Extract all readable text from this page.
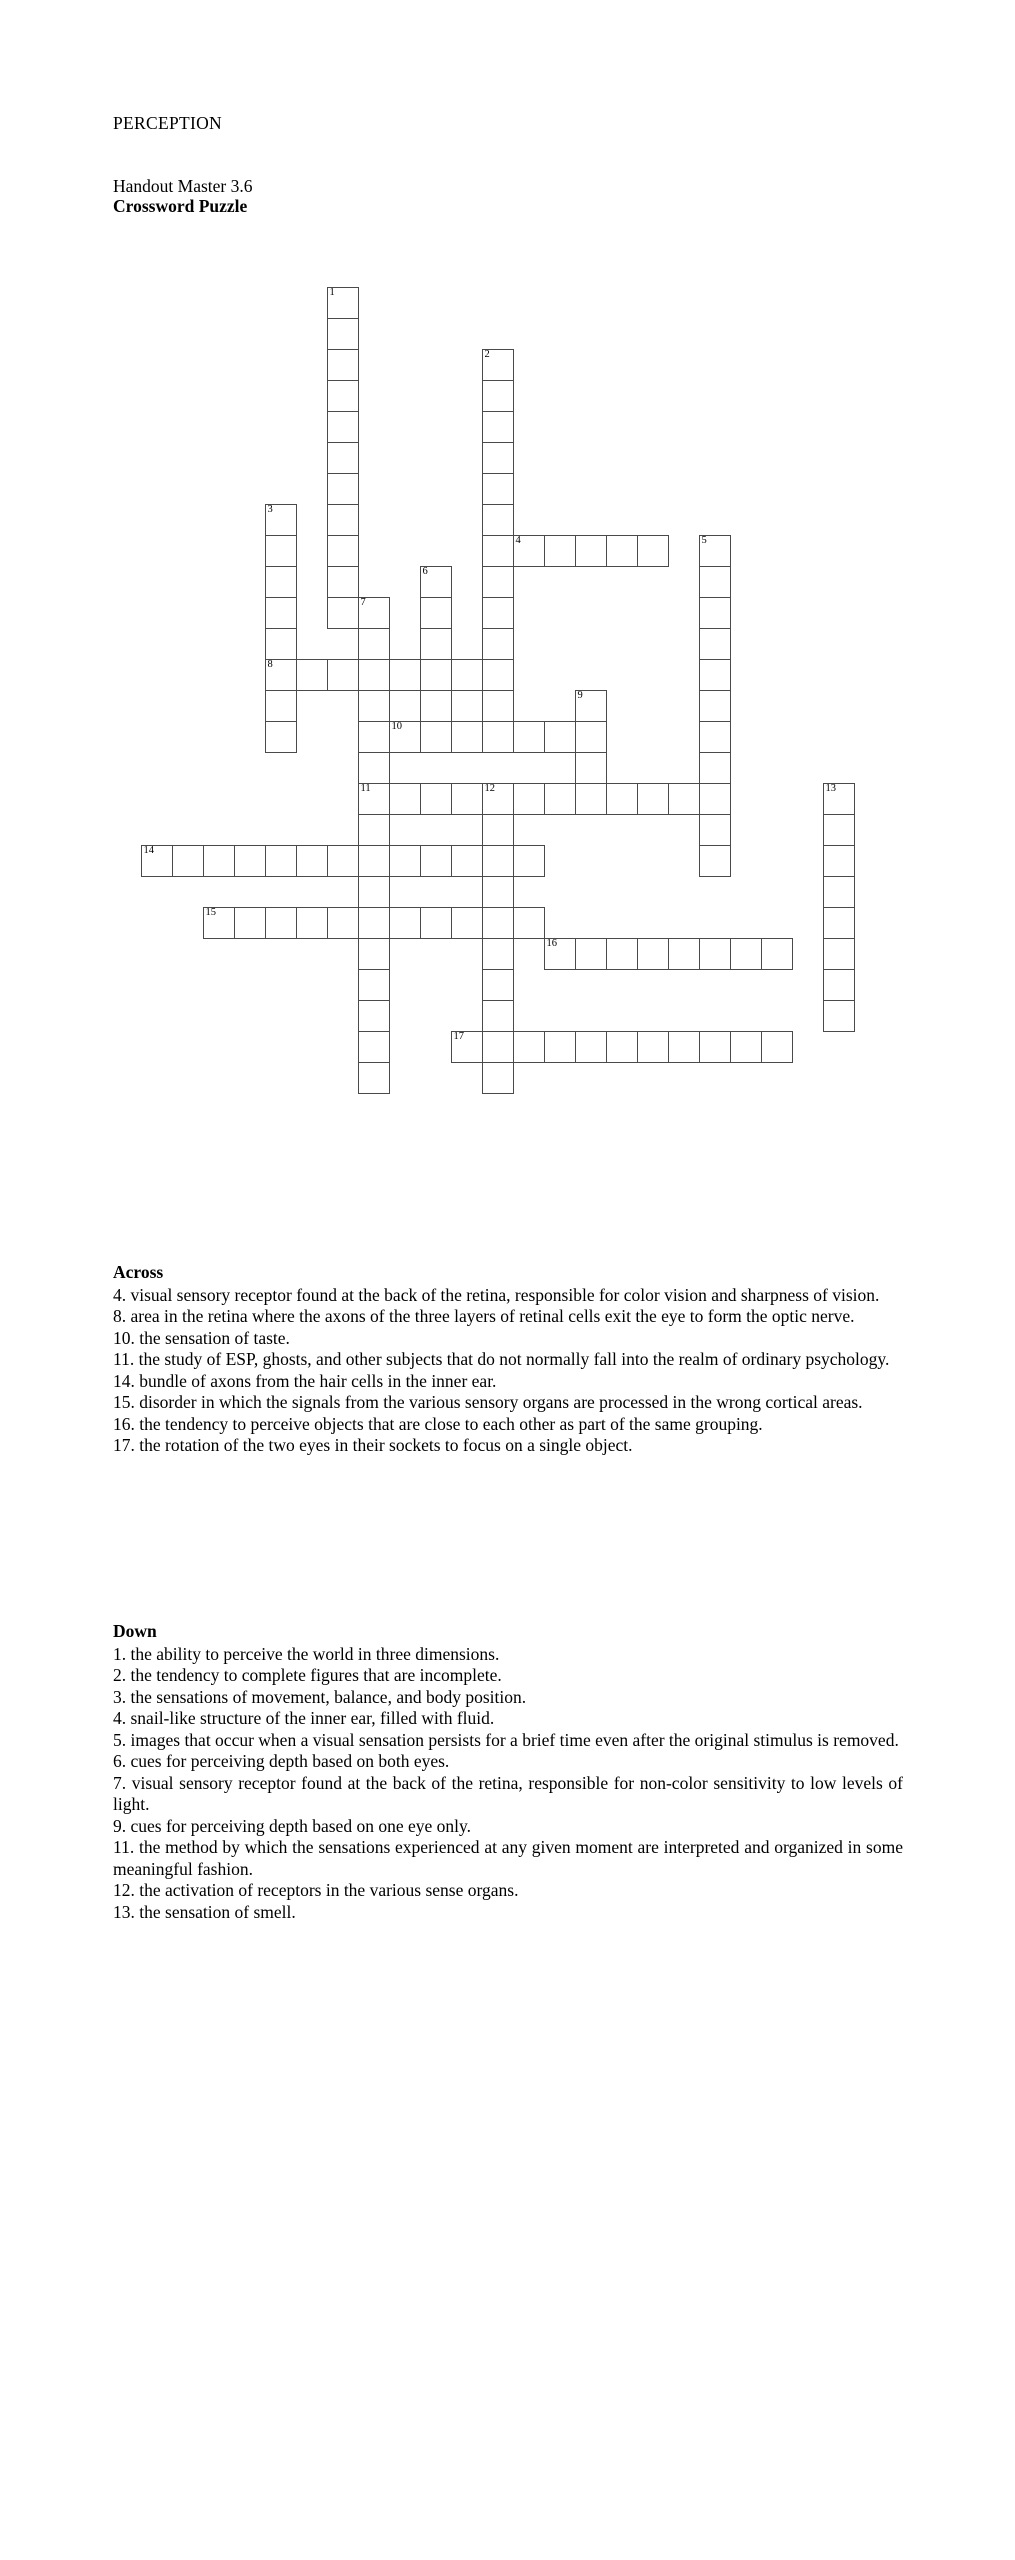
PERCEPTION
Handout Master 3.6
Crossword Puzzle
1
2
3
4	5
6
7
8
9
10
11	12	13
14
15
16
17
Across
4. visual sensory receptor found at the back of the retina, responsible for color vision and sharpness of vision.
8. area in the retina where the axons of the three layers of retinal cells exit the eye to form the optic nerve.
10. the sensation of taste.
11. the study of ESP, ghosts, and other subjects that do not normally fall into the realm of ordinary psychology.
14. bundle of axons from the hair cells in the inner ear.
15. disorder in which the signals from the various sensory organs are processed in the wrong cortical areas.
16. the tendency to perceive objects that are close to each other as part of the same grouping.
17. the rotation of the two eyes in their sockets to focus on a single object.
Down
1. the ability to perceive the world in three dimensions.
2. the tendency to complete figures that are incomplete.
3. the sensations of movement, balance, and body position.
4. snail-like structure of the inner ear, filled with fluid.
5. images that occur when a visual sensation persists for a brief time even after the original stimulus is removed.
6. cues for perceiving depth based on both eyes.
7. visual sensory receptor found at the back of the retina, responsible for non-color sensitivity to low levels of light.
9. cues for perceiving depth based on one eye only.
11. the method by which the sensations experienced at any given moment are interpreted and organized in some meaningful fashion.
12. the activation of receptors in the various sense organs.
13. the sensation of smell.
